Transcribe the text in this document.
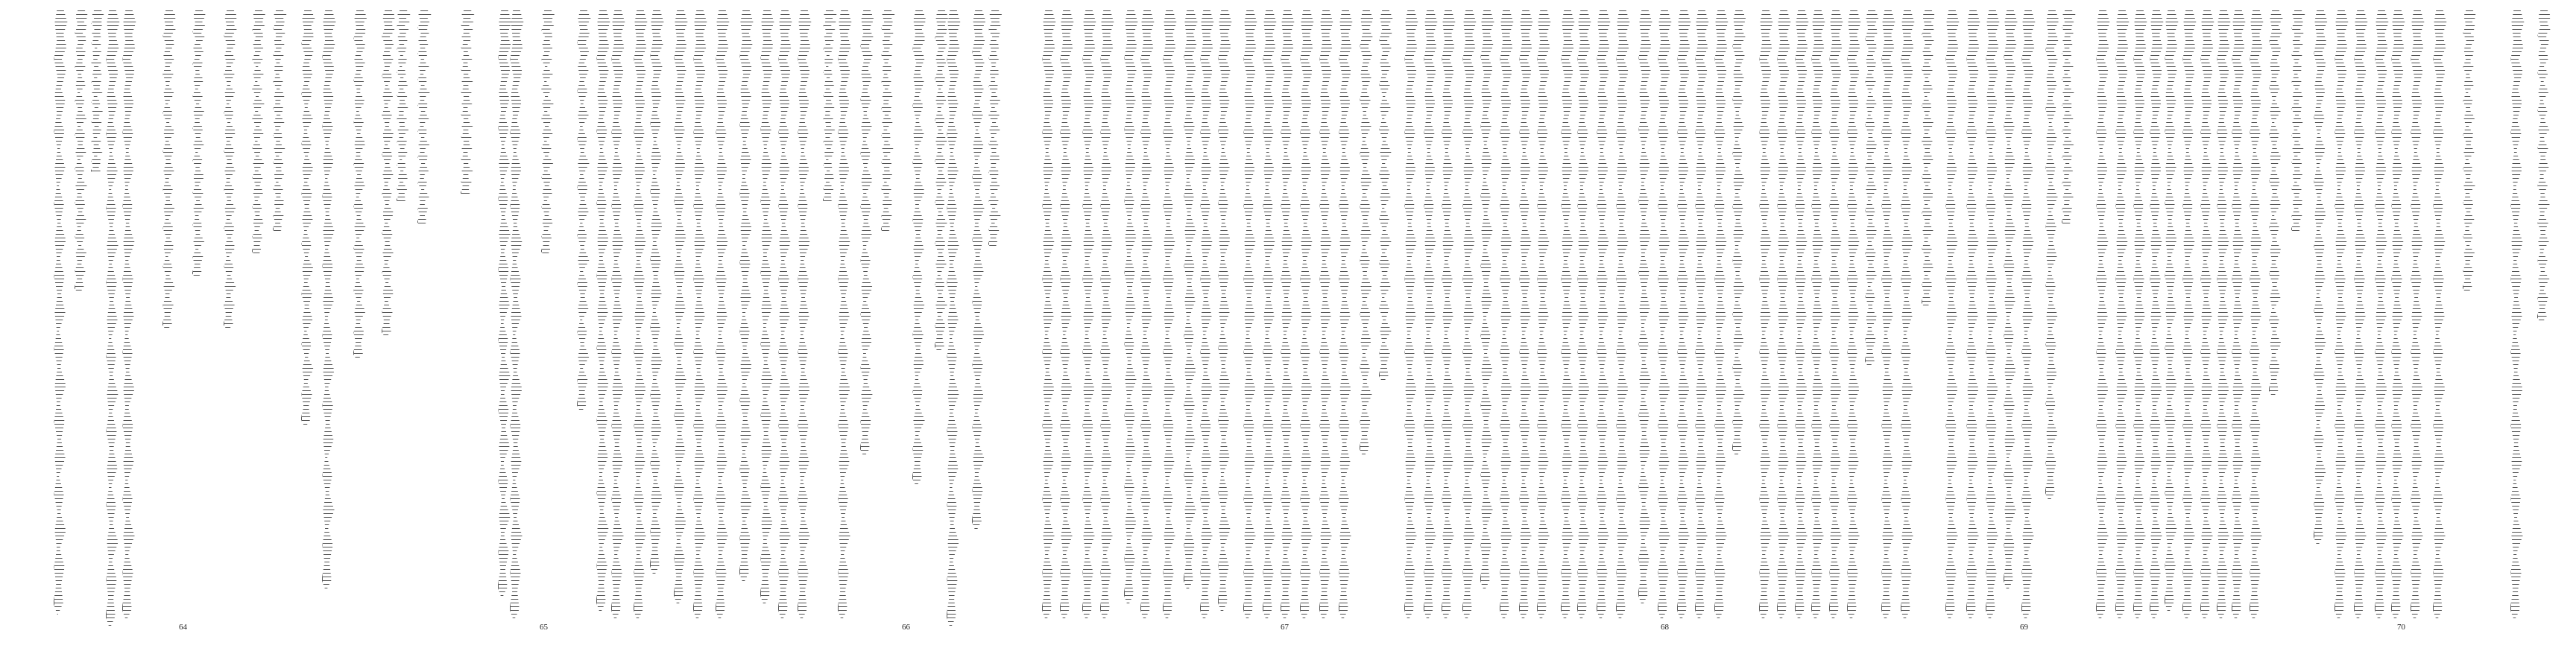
64	65	66	67	68	69	70
